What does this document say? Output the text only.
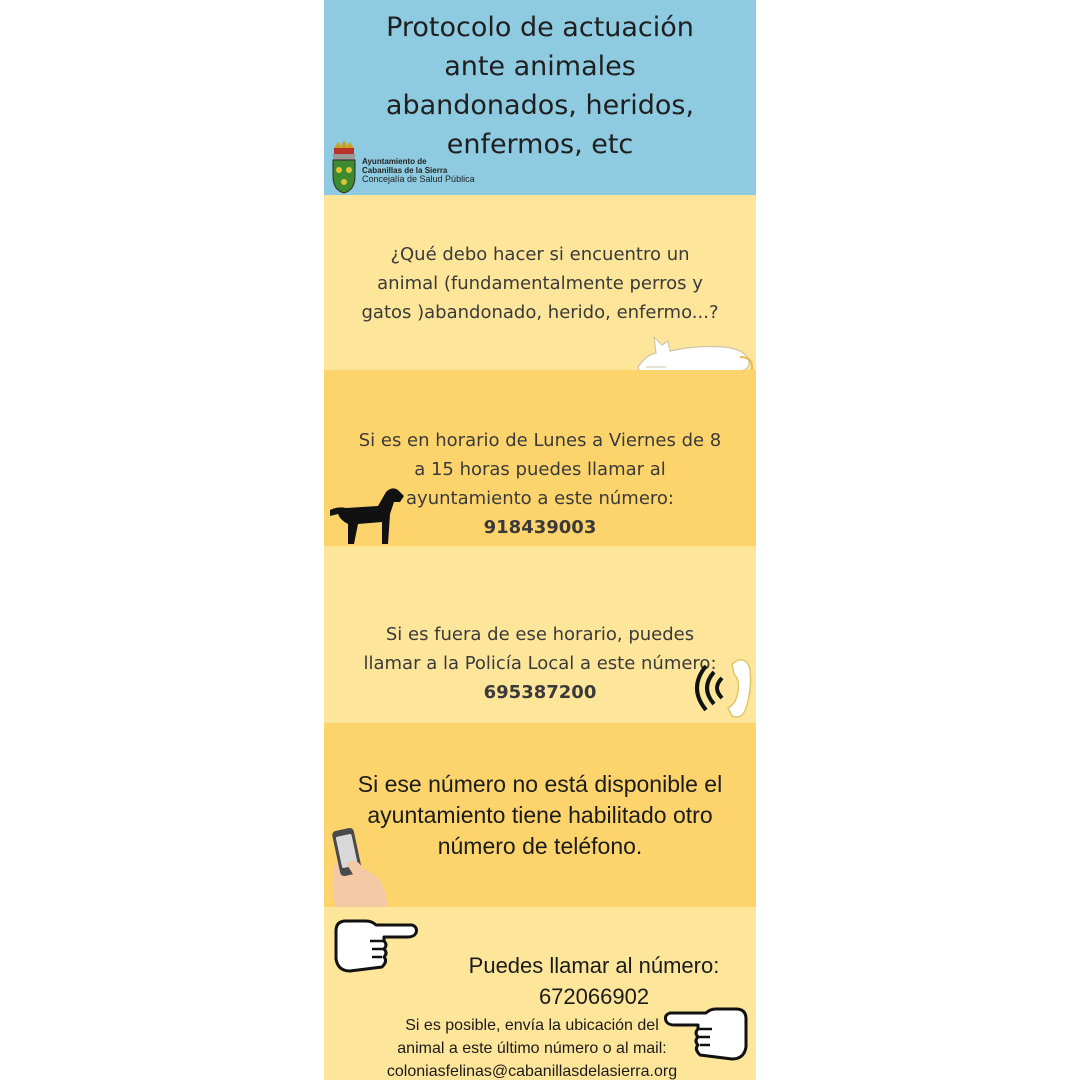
Protocolo de actuación
ante animales
abandonados, heridos,
enfermos, etc
Ayuntamiento de
Cabanillas de la Sierra
Concejalía de Salud Pública
¿Qué debo hacer si encuentro un
animal (fundamentalmente perros y
gatos )abandonado, herido, enfermo...?

Si es en horario de Lunes a Viernes de 8
a 15 horas puedes llamar al
ayuntamiento a este número:

918439003

Si es fuera de ese horario, puedes
llamar a la Policía Local a este número:

695387200

Si ese número no está disponible el
ayuntamiento tiene habilitado otro
número de teléfono.

Puedes llamar al número:

672066902

Si es posible, envía la ubicación del
animal a este último número o al mail:

coloniasfelinas@cabanillasdelasierra.org
